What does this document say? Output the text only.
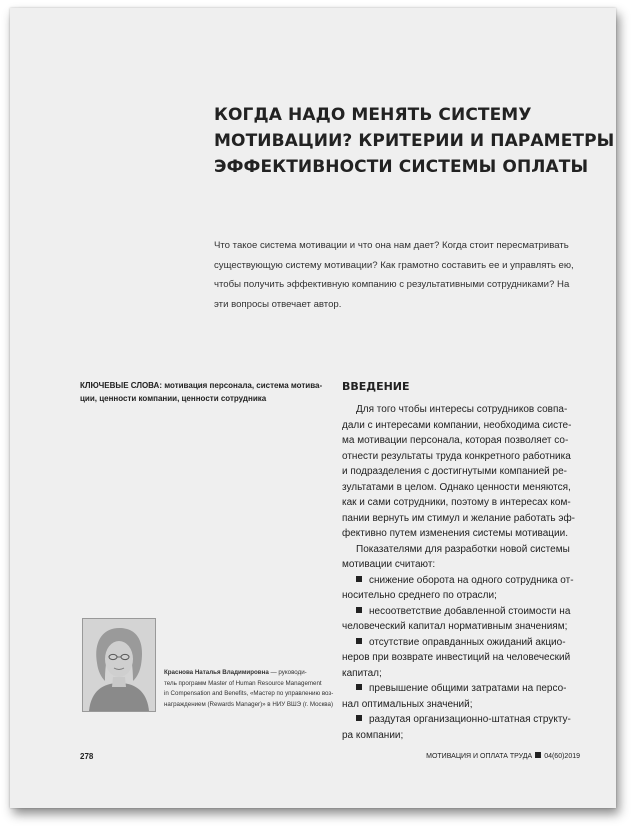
КОГДА НАДО МЕНЯТЬ СИСТЕМУ
МОТИВАЦИИ? КРИТЕРИИ И ПАРАМЕТРЫ
ЭФФЕКТИВНОСТИ СИСТЕМЫ ОПЛАТЫ

Что такое система мотивации и что она нам дает? Когда стоит пересматривать
существующую систему мотивации? Как грамотно составить ее и управлять ею,
чтобы получить эффективную компанию с результативными сотрудниками? На
эти вопросы отвечает автор.

КЛЮЧЕВЫЕ СЛОВА: мотивация персонала, система мотива-
ции, ценности компании, ценности сотрудника

ВВЕДЕНИЕ
Для того чтобы интересы сотрудников совпа-
дали с интересами компании, необходима систе-
ма мотивации персонала, которая позволяет со-
отнести результаты труда конкретного работника
и подразделения с достигнутыми компанией ре-
зультатами в целом. Однако ценности меняются,
как и сами сотрудники, поэтому в интересах ком-
пании вернуть им стимул и желание работать эф-
фективно путем изменения системы мотивации.
Показателями для разработки новой системы
мотивации считают:
снижение оборота на одного сотрудника от-
носительно среднего по отрасли;
несоответствие добавленной стоимости на
человеческий капитал нормативным значениям;
отсутствие оправданных ожиданий акцио-
неров при возврате инвестиций на человеческий
капитал;
превышение общими затратами на персо-
нал оптимальных значений;
раздутая организационно-штатная структу-
ра компании;
Краснова Наталья Владимировна — руководи-
тель программ Master of Human Resource Management
in Compensation and Benefits, «Мастер по управлению воз-
награждением (Rewards Manager)» в НИУ ВШЭ (г. Москва)

278	МОТИВАЦИЯ И ОПЛАТА ТРУДА 04(60)2019
